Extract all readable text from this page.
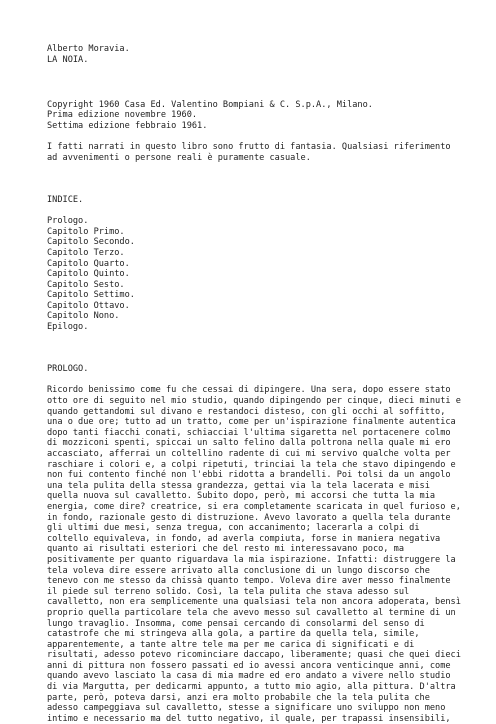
Alberto Moravia.
LA NOIA.
Copyright 1960 Casa Ed. Valentino Bompiani & C. S.p.A., Milano.
Prima edizione novembre 1960.
Settima edizione febbraio 1961.
I fatti narrati in questo libro sono frutto di fantasia. Qualsiasi riferimento
ad avvenimenti o persone reali è puramente casuale.
INDICE.
Prologo.
Capitolo Primo.
Capitolo Secondo.
Capitolo Terzo.
Capitolo Quarto.
Capitolo Quinto.
Capitolo Sesto.
Capitolo Settimo.
Capitolo Ottavo.
Capitolo Nono.
Epilogo.
PROLOGO.
Ricordo benissimo come fu che cessai di dipingere. Una sera, dopo essere stato
otto ore di seguito nel mio studio, quando dipingendo per cinque, dieci minuti e
quando gettandomi sul divano e restandoci disteso, con gli occhi al soffitto,
una o due ore; tutto ad un tratto, come per un'ispirazione finalmente autentica
dopo tanti fiacchi conati, schiacciai l'ultima sigaretta nel portacenere colmo
di mozziconi spenti, spiccai un salto felino dalla poltrona nella quale mi ero
accasciato, afferrai un coltellino radente di cui mi servivo qualche volta per
raschiare i colori e, a colpi ripetuti, trinciai la tela che stavo dipingendo e
non fui contento finché non l'ebbi ridotta a brandelli. Poi tolsi da un angolo
una tela pulita della stessa grandezza, gettai via la tela lacerata e misi
quella nuova sul cavalletto. Subito dopo, però, mi accorsi che tutta la mia
energia, come dire? creatrice, si era completamente scaricata in quel furioso e,
in fondo, razionale gesto di distruzione. Avevo lavorato a quella tela durante
gli ultimi due mesi, senza tregua, con accanimento; lacerarla a colpi di
coltello equivaleva, in fondo, ad averla compiuta, forse in maniera negativa
quanto ai risultati esteriori che del resto mi interessavano poco, ma
positivamente per quanto riguardava la mia ispirazione. Infatti: distruggere la
tela voleva dire essere arrivato alla conclusione di un lungo discorso che
tenevo con me stesso da chissà quanto tempo. Voleva dire aver messo finalmente
il piede sul terreno solido. Così, la tela pulita che stava adesso sul
cavalletto, non era semplicemente una qualsiasi tela non ancora adoperata, bensì
proprio quella particolare tela che avevo messo sul cavalletto al termine di un
lungo travaglio. Insomma, come pensai cercando di consolarmi del senso di
catastrofe che mi stringeva alla gola, a partire da quella tela, simile,
apparentemente, a tante altre tele ma per me carica di significati e di
risultati, adesso potevo ricominciare daccapo, liberamente; quasi che quei dieci
anni di pittura non fossero passati ed io avessi ancora venticinque anni, come
quando avevo lasciato la casa di mia madre ed ero andato a vivere nello studio
di via Margutta, per dedicarmi appunto, a tutto mio agio, alla pittura. D'altra
parte, però, poteva darsi, anzi era molto probabile che la tela pulita che
adesso campeggiava sul cavalletto, stesse a significare uno sviluppo non meno
intimo e necessario ma del tutto negativo, il quale, per trapassi insensibili,
